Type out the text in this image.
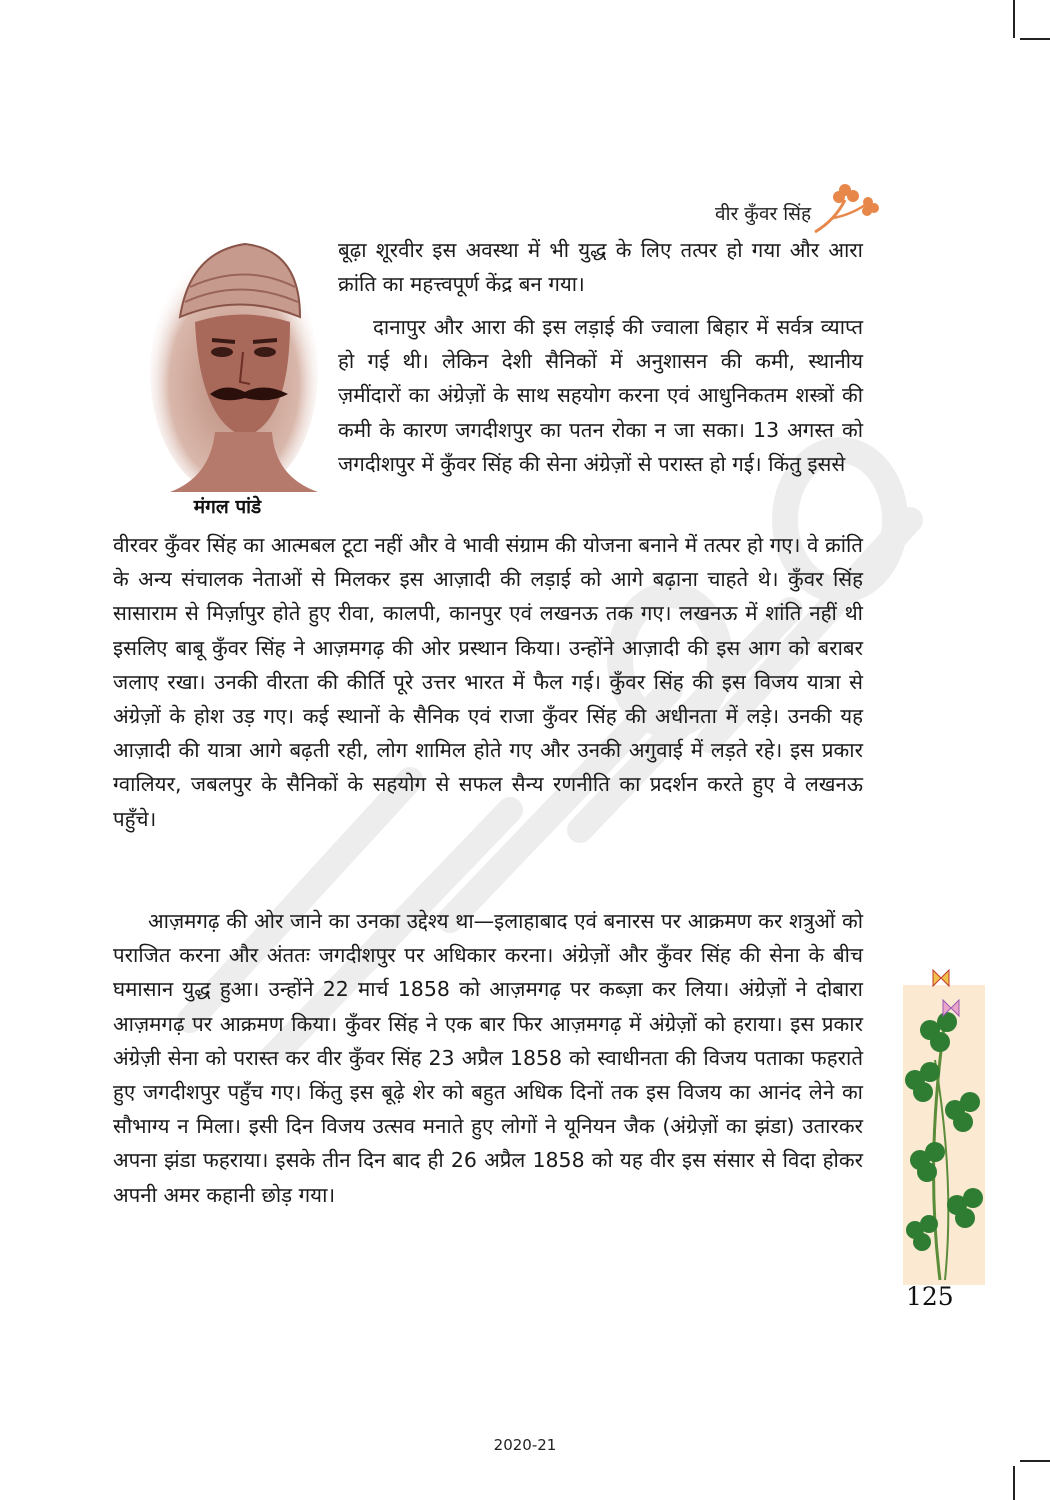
वीर कुँवर सिंह
मंगल पांडे

बूढ़ा शूरवीर इस अवस्था में भी युद्ध के लिए तत्पर हो गया और आरा क्रांति का महत्त्वपूर्ण केंद्र बन गया।

दानापुर और आरा की इस लड़ाई की ज्वाला बिहार में सर्वत्र व्याप्त हो गई थी। लेकिन देशी सैनिकों में अनुशासन की कमी, स्थानीय ज़मींदारों का अंग्रेज़ों के साथ सहयोग करना एवं आधुनिकतम शस्त्रों की कमी के कारण जगदीशपुर का पतन रोका न जा सका। 13 अगस्त को जगदीशपुर में कुँवर सिंह की सेना अंग्रेज़ों से परास्त हो गई। किंतु इससे

वीरवर कुँवर सिंह का आत्मबल टूटा नहीं और वे भावी संग्राम की योजना बनाने में तत्पर हो गए। वे क्रांति के अन्य संचालक नेताओं से मिलकर इस आज़ादी की लड़ाई को आगे बढ़ाना चाहते थे। कुँवर सिंह सासाराम से मिर्ज़ापुर होते हुए रीवा, कालपी, कानपुर एवं लखनऊ तक गए। लखनऊ में शांति नहीं थी इसलिए बाबू कुँवर सिंह ने आज़मगढ़ की ओर प्रस्थान किया। उन्होंने आज़ादी की इस आग को बराबर जलाए रखा। उनकी वीरता की कीर्ति पूरे उत्तर भारत में फैल गई। कुँवर सिंह की इस विजय यात्रा से अंग्रेज़ों के होश उड़ गए। कई स्थानों के सैनिक एवं राजा कुँवर सिंह की अधीनता में लड़े। उनकी यह आज़ादी की यात्रा आगे बढ़ती रही, लोग शामिल होते गए और उनकी अगुवाई में लड़ते रहे। इस प्रकार ग्वालियर, जबलपुर के सैनिकों के सहयोग से सफल सैन्य रणनीति का प्रदर्शन करते हुए वे लखनऊ पहुँचे।

आज़मगढ़ की ओर जाने का उनका उद्देश्य था—इलाहाबाद एवं बनारस पर आक्रमण कर शत्रुओं को पराजित करना और अंततः जगदीशपुर पर अधिकार करना। अंग्रेज़ों और कुँवर सिंह की सेना के बीच घमासान युद्ध हुआ। उन्होंने 22 मार्च 1858 को आज़मगढ़ पर कब्ज़ा कर लिया। अंग्रेज़ों ने दोबारा आज़मगढ़ पर आक्रमण किया। कुँवर सिंह ने एक बार फिर आज़मगढ़ में अंग्रेज़ों को हराया। इस प्रकार अंग्रेज़ी सेना को परास्त कर वीर कुँवर सिंह 23 अप्रैल 1858 को स्वाधीनता की विजय पताका फहराते हुए जगदीशपुर पहुँच गए। किंतु इस बूढ़े शेर को बहुत अधिक दिनों तक इस विजय का आनंद लेने का सौभाग्य न मिला। इसी दिन विजय उत्सव मनाते हुए लोगों ने यूनियन जैक (अंग्रेज़ों का झंडा) उतारकर अपना झंडा फहराया। इसके तीन दिन बाद ही 26 अप्रैल 1858 को यह वीर इस संसार से विदा होकर अपनी अमर कहानी छोड़ गया।

125
2020-21
